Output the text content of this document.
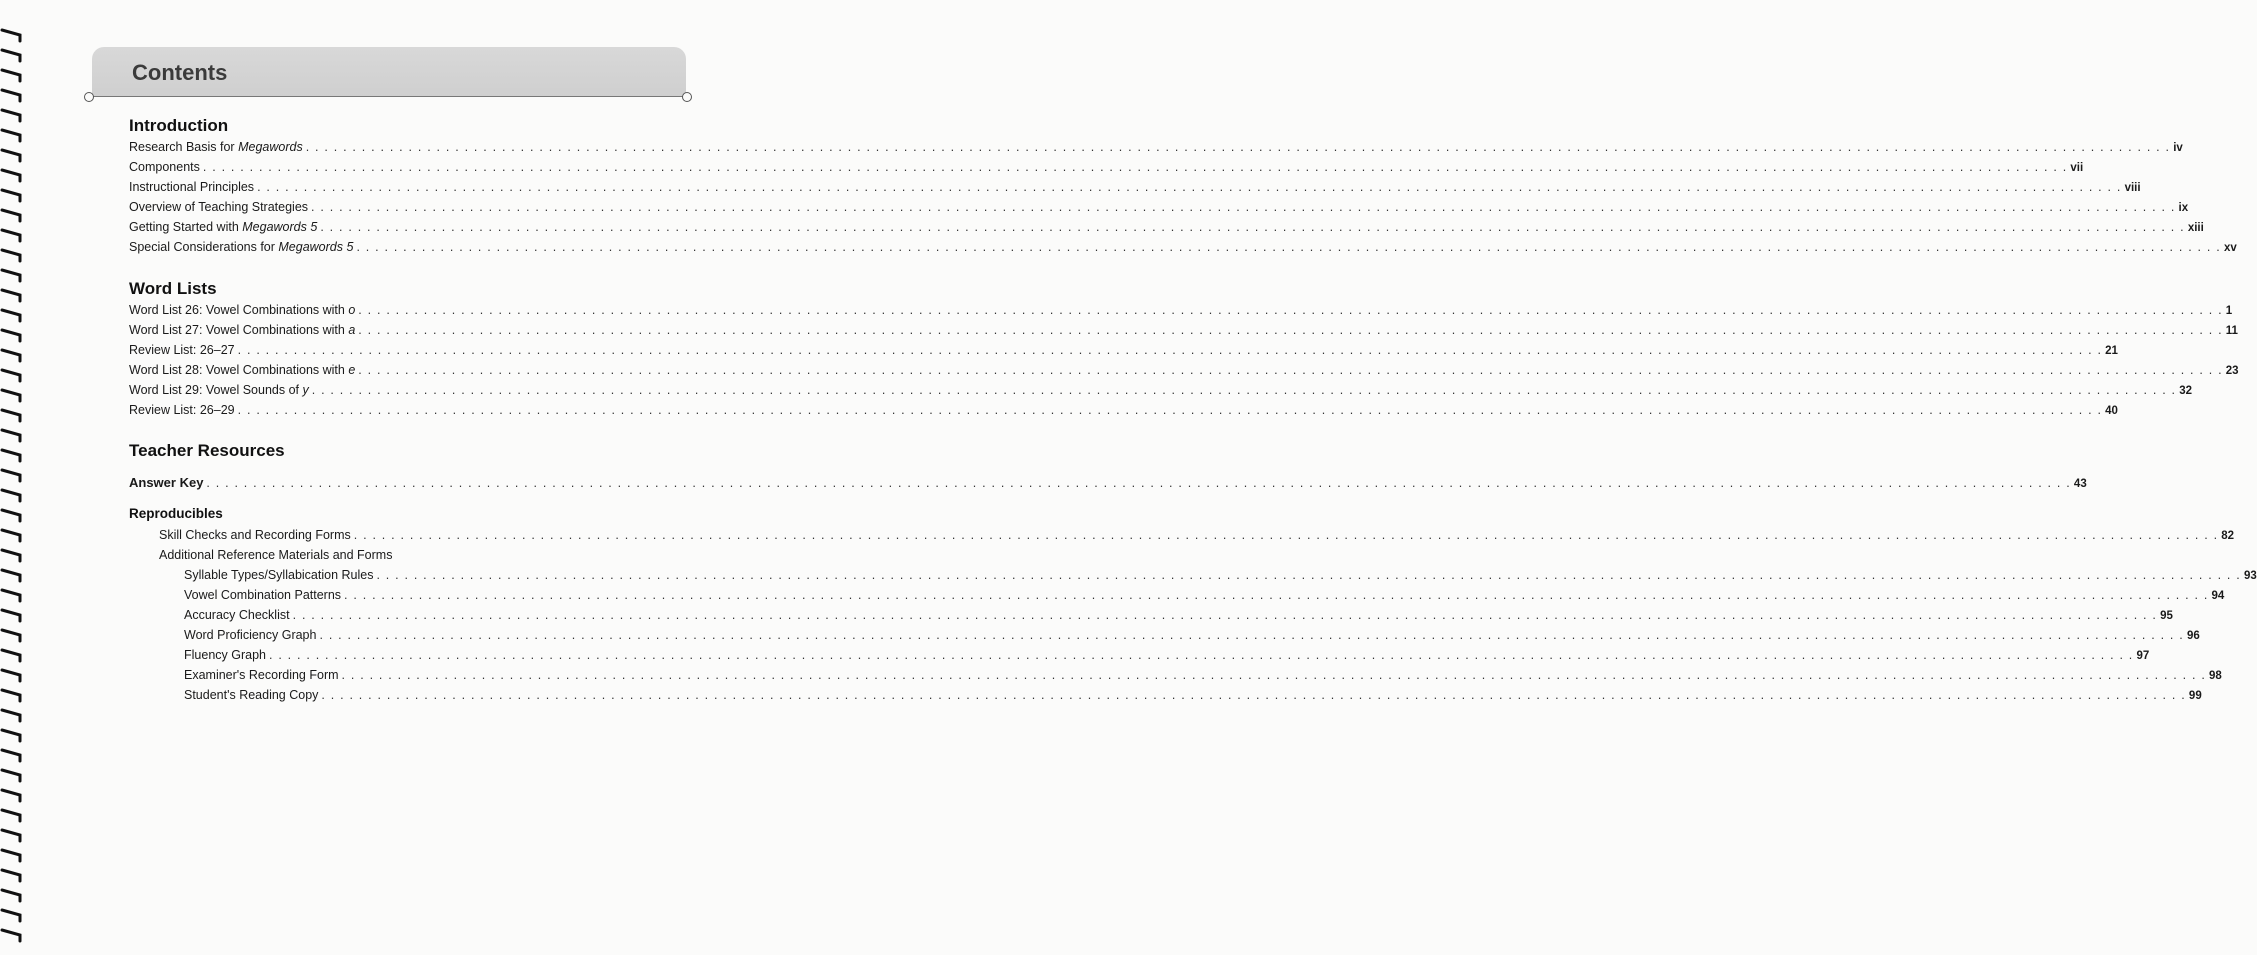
Contents
Introduction
Research Basis for Megawords . . . . . . . . . . . . . . . . . . . . . . . . . . . . . . . . . . . . . . . . . . . . . . . . . . . . . . . . . . . . . . . . . . . . . . . . . . . . . . . . . . . . . . . . . . . . . . . . . . . . . . . . . . . . . . . . . . . . . . . . . . . . . . . . . . . . . . . . . . . . . . . . . . . . . . . . . . . . . . . . . . . . . . . . . . . . . . . . . . . . . . . . . . . . . . . . . . . . . . . . iv
Components . . . . . . . . . . . . . . . . . . . . . . . . . . . . . . . . . . . . . . . . . . . . . . . . . . . . . . . . . . . . . . . . . . . . . . . . . . . . . . . . . . . . . . . . . . . . . . . . . . . . . . . . . . . . . . . . . . . . . . . . . . . . . . . . . . . . . . . . . . . . . . . . . . . . . . . . . . . . . . . . . . . . . . . . . . . . . . . . . . . . . . . . . . . . . . . . . . . . . . . . vii
Instructional Principles . . . . . . . . . . . . . . . . . . . . . . . . . . . . . . . . . . . . . . . . . . . . . . . . . . . . . . . . . . . . . . . . . . . . . . . . . . . . . . . . . . . . . . . . . . . . . . . . . . . . . . . . . . . . . . . . . . . . . . . . . . . . . . . . . . . . . . . . . . . . . . . . . . . . . . . . . . . . . . . . . . . . . . . . . . . . . . . . . . . . . . . . . . . . . . . . . . . . . . . . viii
Overview of Teaching Strategies . . . . . . . . . . . . . . . . . . . . . . . . . . . . . . . . . . . . . . . . . . . . . . . . . . . . . . . . . . . . . . . . . . . . . . . . . . . . . . . . . . . . . . . . . . . . . . . . . . . . . . . . . . . . . . . . . . . . . . . . . . . . . . . . . . . . . . . . . . . . . . . . . . . . . . . . . . . . . . . . . . . . . . . . . . . . . . . . . . . . . . . . . . . . . . . . . . . . . . . . ix
Getting Started with Megawords 5 . . . . . . . . . . . . . . . . . . . . . . . . . . . . . . . . . . . . . . . . . . . . . . . . . . . . . . . . . . . . . . . . . . . . . . . . . . . . . . . . . . . . . . . . . . . . . . . . . . . . . . . . . . . . . . . . . . . . . . . . . . . . . . . . . . . . . . . . . . . . . . . . . . . . . . . . . . . . . . . . . . . . . . . . . . . . . . . . . . . . . . . . . . . . . . . . . . . . . . . . xiii
Special Considerations for Megawords 5 . . . . . . . . . . . . . . . . . . . . . . . . . . . . . . . . . . . . . . . . . . . . . . . . . . . . . . . . . . . . . . . . . . . . . . . . . . . . . . . . . . . . . . . . . . . . . . . . . . . . . . . . . . . . . . . . . . . . . . . . . . . . . . . . . . . . . . . . . . . . . . . . . . . . . . . . . . . . . . . . . . . . . . . . . . . . . . . . . . . . . . . . . . . . . . . . . . . . . . . . xv
Word Lists
Word List 26: Vowel Combinations with o . . . . . . . . . . . . . . . . . . . . . . . . . . . . . . . . . . . . . . . . . . . . . . . . . . . . . . . . . . . . . . . . . . . . . . . . . . . . . . . . . . . . . . . . . . . . . . . . . . . . . . . . . . . . . . . . . . . . . . . . . . . . . . . . . . . . . . . . . . . . . . . . . . . . . . . . . . . . . . . . . . . . . . . . . . . . . . . . . . . . . . . . . . . . . . . . . . . . . . . . 1
Word List 27: Vowel Combinations with a . . . . . . . . . . . . . . . . . . . . . . . . . . . . . . . . . . . . . . . . . . . . . . . . . . . . . . . . . . . . . . . . . . . . . . . . . . . . . . . . . . . . . . . . . . . . . . . . . . . . . . . . . . . . . . . . . . . . . . . . . . . . . . . . . . . . . . . . . . . . . . . . . . . . . . . . . . . . . . . . . . . . . . . . . . . . . . . . . . . . . . . . . . . . . . . . . . . . . . . . 11
Review List: 26–27 . . . . . . . . . . . . . . . . . . . . . . . . . . . . . . . . . . . . . . . . . . . . . . . . . . . . . . . . . . . . . . . . . . . . . . . . . . . . . . . . . . . . . . . . . . . . . . . . . . . . . . . . . . . . . . . . . . . . . . . . . . . . . . . . . . . . . . . . . . . . . . . . . . . . . . . . . . . . . . . . . . . . . . . . . . . . . . . . . . . . . . . . . . . . . . . . . . . . . . . . 21
Word List 28: Vowel Combinations with e . . . . . . . . . . . . . . . . . . . . . . . . . . . . . . . . . . . . . . . . . . . . . . . . . . . . . . . . . . . . . . . . . . . . . . . . . . . . . . . . . . . . . . . . . . . . . . . . . . . . . . . . . . . . . . . . . . . . . . . . . . . . . . . . . . . . . . . . . . . . . . . . . . . . . . . . . . . . . . . . . . . . . . . . . . . . . . . . . . . . . . . . . . . . . . . . . . . . . . . . 23
Word List 29: Vowel Sounds of y . . . . . . . . . . . . . . . . . . . . . . . . . . . . . . . . . . . . . . . . . . . . . . . . . . . . . . . . . . . . . . . . . . . . . . . . . . . . . . . . . . . . . . . . . . . . . . . . . . . . . . . . . . . . . . . . . . . . . . . . . . . . . . . . . . . . . . . . . . . . . . . . . . . . . . . . . . . . . . . . . . . . . . . . . . . . . . . . . . . . . . . . . . . . . . . . . . . . . . . . 32
Review List: 26–29 . . . . . . . . . . . . . . . . . . . . . . . . . . . . . . . . . . . . . . . . . . . . . . . . . . . . . . . . . . . . . . . . . . . . . . . . . . . . . . . . . . . . . . . . . . . . . . . . . . . . . . . . . . . . . . . . . . . . . . . . . . . . . . . . . . . . . . . . . . . . . . . . . . . . . . . . . . . . . . . . . . . . . . . . . . . . . . . . . . . . . . . . . . . . . . . . . . . . . . . . 40
Teacher Resources
Answer Key . . . . . . . . . . . . . . . . . . . . . . . . . . . . . . . . . . . . . . . . . . . . . . . . . . . . . . . . . . . . . . . . . . . . . . . . . . . . . . . . . . . . . . . . . . . . . . . . . . . . . . . . . . . . . . . . . . . . . . . . . . . . . . . . . . . . . . . . . . . . . . . . . . . . . . . . . . . . . . . . . . . . . . . . . . . . . . . . . . . . . . . . . . . . . . . . . . . . . . . . 43
Reproducibles
Skill Checks and Recording Forms . . . . . . . . . . . . . . . . . . . . . . . . . . . . . . . . . . . . . . . . . . . . . . . . . . . . . . . . . . . . . . . . . . . . . . . . . . . . . . . . . . . . . . . . . . . . . . . . . . . . . . . . . . . . . . . . . . . . . . . . . . . . . . . . . . . . . . . . . . . . . . . . . . . . . . . . . . . . . . . . . . . . . . . . . . . . . . . . . . . . . . . . . . . . . . . . . . . . . . . . 82
Additional Reference Materials and Forms
Syllable Types/Syllabication Rules . . . . . . . . . . . . . . . . . . . . . . . . . . . . . . . . . . . . . . . . . . . . . . . . . . . . . . . . . . . . . . . . . . . . . . . . . . . . . . . . . . . . . . . . . . . . . . . . . . . . . . . . . . . . . . . . . . . . . . . . . . . . . . . . . . . . . . . . . . . . . . . . . . . . . . . . . . . . . . . . . . . . . . . . . . . . . . . . . . . . . . . . . . . . . . . . . . . . . . . . 93
Vowel Combination Patterns . . . . . . . . . . . . . . . . . . . . . . . . . . . . . . . . . . . . . . . . . . . . . . . . . . . . . . . . . . . . . . . . . . . . . . . . . . . . . . . . . . . . . . . . . . . . . . . . . . . . . . . . . . . . . . . . . . . . . . . . . . . . . . . . . . . . . . . . . . . . . . . . . . . . . . . . . . . . . . . . . . . . . . . . . . . . . . . . . . . . . . . . . . . . . . . . . . . . . . . . 94
Accuracy Checklist . . . . . . . . . . . . . . . . . . . . . . . . . . . . . . . . . . . . . . . . . . . . . . . . . . . . . . . . . . . . . . . . . . . . . . . . . . . . . . . . . . . . . . . . . . . . . . . . . . . . . . . . . . . . . . . . . . . . . . . . . . . . . . . . . . . . . . . . . . . . . . . . . . . . . . . . . . . . . . . . . . . . . . . . . . . . . . . . . . . . . . . . . . . . . . . . . . . . . . . . 95
Word Proficiency Graph . . . . . . . . . . . . . . . . . . . . . . . . . . . . . . . . . . . . . . . . . . . . . . . . . . . . . . . . . . . . . . . . . . . . . . . . . . . . . . . . . . . . . . . . . . . . . . . . . . . . . . . . . . . . . . . . . . . . . . . . . . . . . . . . . . . . . . . . . . . . . . . . . . . . . . . . . . . . . . . . . . . . . . . . . . . . . . . . . . . . . . . . . . . . . . . . . . . . . . . . 96
Fluency Graph . . . . . . . . . . . . . . . . . . . . . . . . . . . . . . . . . . . . . . . . . . . . . . . . . . . . . . . . . . . . . . . . . . . . . . . . . . . . . . . . . . . . . . . . . . . . . . . . . . . . . . . . . . . . . . . . . . . . . . . . . . . . . . . . . . . . . . . . . . . . . . . . . . . . . . . . . . . . . . . . . . . . . . . . . . . . . . . . . . . . . . . . . . . . . . . . . . . . . . . . 97
Examiner's Recording Form . . . . . . . . . . . . . . . . . . . . . . . . . . . . . . . . . . . . . . . . . . . . . . . . . . . . . . . . . . . . . . . . . . . . . . . . . . . . . . . . . . . . . . . . . . . . . . . . . . . . . . . . . . . . . . . . . . . . . . . . . . . . . . . . . . . . . . . . . . . . . . . . . . . . . . . . . . . . . . . . . . . . . . . . . . . . . . . . . . . . . . . . . . . . . . . . . . . . . . . . 98
Student's Reading Copy . . . . . . . . . . . . . . . . . . . . . . . . . . . . . . . . . . . . . . . . . . . . . . . . . . . . . . . . . . . . . . . . . . . . . . . . . . . . . . . . . . . . . . . . . . . . . . . . . . . . . . . . . . . . . . . . . . . . . . . . . . . . . . . . . . . . . . . . . . . . . . . . . . . . . . . . . . . . . . . . . . . . . . . . . . . . . . . . . . . . . . . . . . . . . . . . . . . . . . . . 99
